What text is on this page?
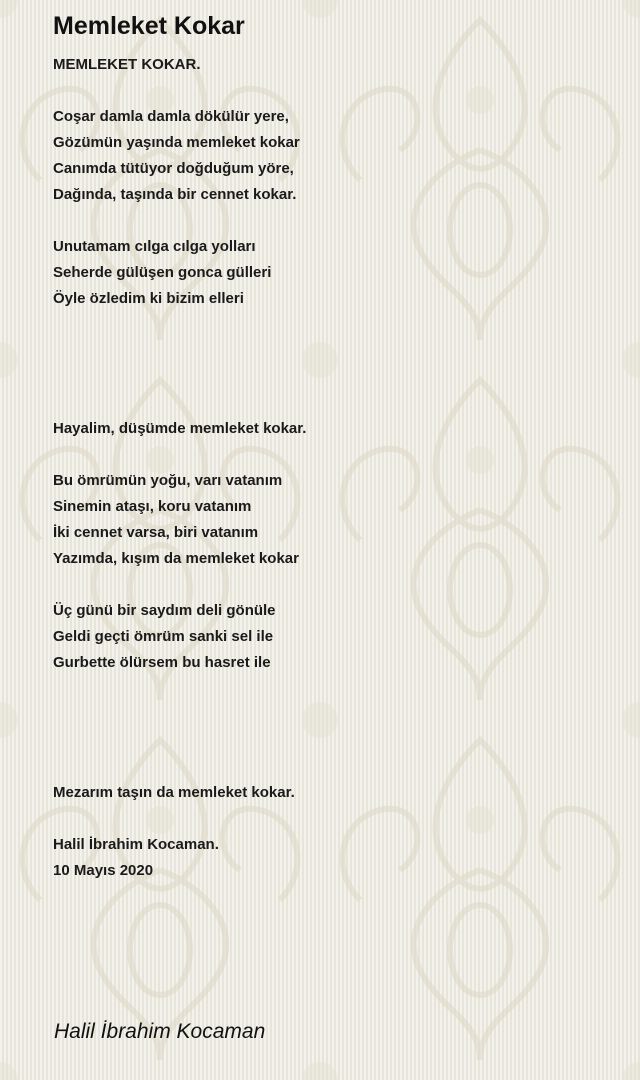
Memleket Kokar
MEMLEKET KOKAR.
Coşar damla damla dökülür yere,
Gözümün yaşında memleket kokar
Canımda tütüyor doğduğum yöre,
Dağında, taşında bir cennet kokar.
Unutamam cılga cılga yolları
Seherde gülüşen gonca gülleri
Öyle özledim ki bizim elleri
Hayalim, düşümde memleket kokar.
Bu ömrümün yoğu, varı vatanım
Sinemin ataşı, koru vatanım
İki cennet varsa, biri vatanım
Yazımda, kışım da memleket kokar
Üç günü bir saydım deli gönüle
Geldi geçti ömrüm sanki sel ile
Gurbette ölürsem bu hasret ile
Mezarım taşın da memleket kokar.
Halil İbrahim Kocaman.
10 Mayıs 2020
Halil İbrahim Kocaman
